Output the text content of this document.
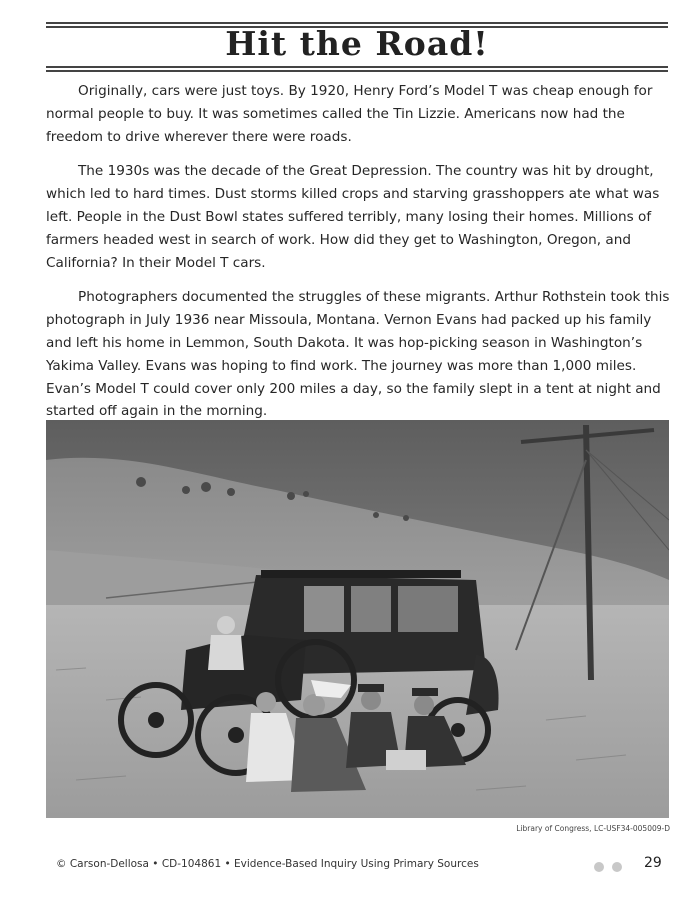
Hit the Road!

Originally, cars were just toys. By 1920, Henry Ford’s Model T was cheap enough for normal people to buy. It was sometimes called the Tin Lizzie. Americans now had the freedom to drive wherever there were roads.

The 1930s was the decade of the Great Depression. The country was hit by drought, which led to hard times. Dust storms killed crops and starving grasshoppers ate what was left. People in the Dust Bowl states suffered terribly, many losing their homes. Millions of farmers headed west in search of work. How did they get to Washington, Oregon, and California? In their Model T cars.

Photographers documented the struggles of these migrants. Arthur Rothstein took this photograph in July 1936 near Missoula, Montana. Vernon Evans had packed up his family and left his home in Lemmon, South Dakota. It was hop-picking season in Washington’s Yakima Valley. Evans was hoping to find work. The journey was more than 1,000 miles. Evan’s Model T could cover only 200 miles a day, so the family slept in a tent at night and started off again in the morning.

Library of Congress, LC-USF34-005009-D
© Carson-Dellosa • CD-104861 • Evidence-Based Inquiry Using Primary Sources	29
